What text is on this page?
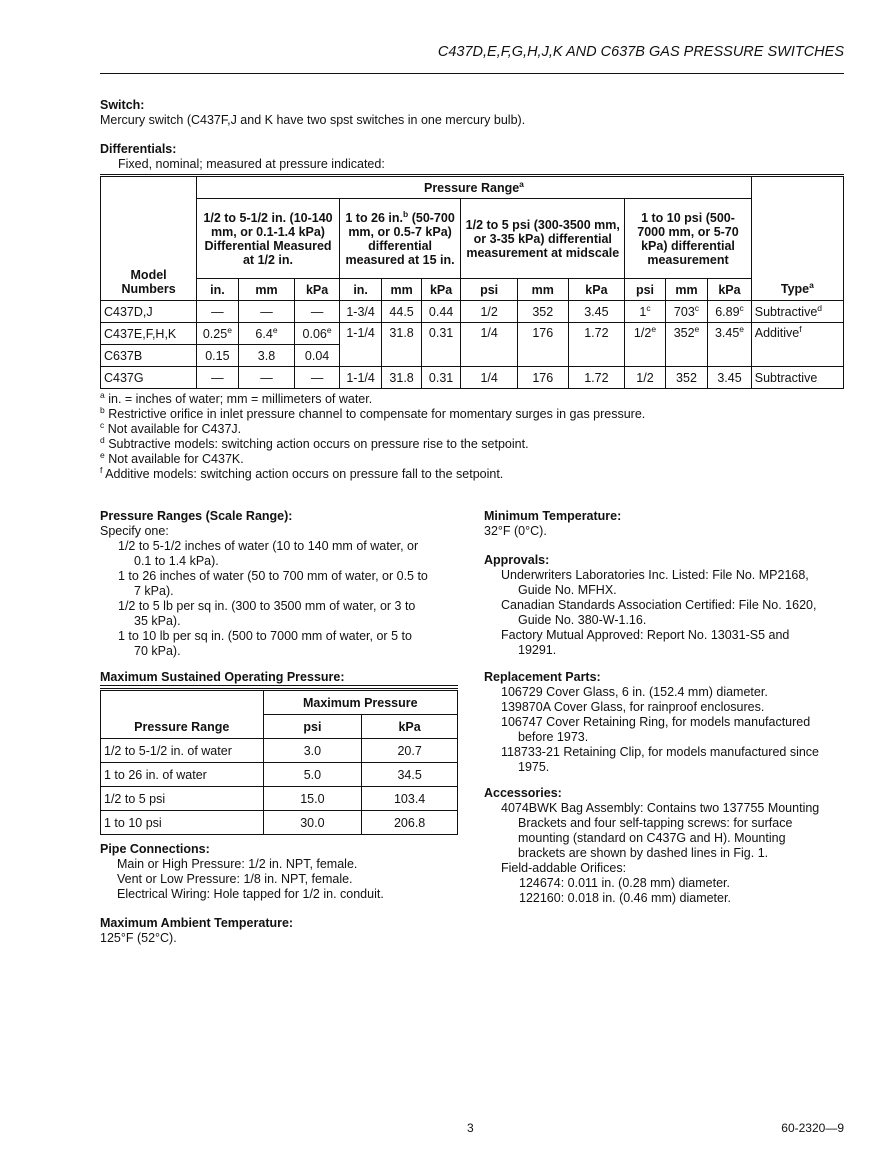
C437D,E,F,G,H,J,K AND C637B GAS PRESSURE SWITCHES
Switch:
Mercury switch (C437F,J and K have two spst switches in one mercury bulb).
Differentials:
Fixed, nominal; measured at pressure indicated:
Model Numbers	Pressure Range$^a$												Type$^a$
	1/2 to 5-1/2 in. (10-140 mm, or 0.1-1.4 kPa) Differential Measured at 1/2 in.			1 to 26 in.$^b$ (50-700 mm, or 0.5-7 kPa) differential measured at 15 in.			1/2 to 5 psi (300-3500 mm, or 3-35 kPa) differential measurement at midscale			1 to 10 psi (500-7000 mm, or 5-70 kPa) differential measurement			
	in.	mm	kPa	in.	mm	kPa	psi	mm	kPa	psi	mm	kPa	
C437D,J	—	—	—	1-3/4	44.5	0.44	1/2	352	3.45	1$^c$	703$^c$	6.89$^c$	Subtractive$^d$
C437E,F,H,K	0.25e	6.4e	0.06e	1-1/4	31.8	0.31	1/4	176	1.72	1/2e	352e	3.45e	Additive$^f$
C637B	0.15	3.8	0.04										
C437G	—	—	—	1-1/4	31.8	0.31	1/4	176	1.72	1/2	352	3.45	Subtractive
$^a$ in. = inches of water; mm = millimeters of water.
$^b$ Restrictive orifice in inlet pressure channel to compensate for momentary surges in gas pressure.
$^c$ Not available for C437J.
$^d$ Subtractive models: switching action occurs on pressure rise to the setpoint.
$^e$ Not available for C437K.
$^f$ Additive models: switching action occurs on pressure fall to the setpoint.
Pressure Ranges (Scale Range):
Specify one:
1/2 to 5-1/2 inches of water (10 to 140 mm of water, or
0.1 to 1.4 kPa).
1 to 26 inches of water (50 to 700 mm of water, or 0.5 to
7 kPa).
1/2 to 5 lb per sq in. (300 to 3500 mm of water, or 3 to
35 kPa).
1 to 10 lb per sq in. (500 to 7000 mm of water, or 5 to
70 kPa).
Maximum Sustained Operating Pressure:
Pressure Range	Maximum Pressure	
	psi	kPa
1/2 to 5-1/2 in. of water	3.0	20.7
1 to 26 in. of water	5.0	34.5
1/2 to 5 psi	15.0	103.4
1 to 10 psi	30.0	206.8
Pipe Connections:
Main or High Pressure: 1/2 in. NPT, female.
Vent or Low Pressure: 1/8 in. NPT, female.
Electrical Wiring: Hole tapped for 1/2 in. conduit.
Maximum Ambient Temperature:
125°F (52°C).
Minimum Temperature:
32°F (0°C).
Approvals:
Underwriters Laboratories Inc. Listed: File No. MP2168,
Guide No. MFHX.
Canadian Standards Association Certified: File No. 1620,
Guide No. 380-W-1.16.
Factory Mutual Approved: Report No. 13031-S5 and
19291.
Replacement Parts:
106729 Cover Glass, 6 in. (152.4 mm) diameter.
139870A Cover Glass, for rainproof enclosures.
106747 Cover Retaining Ring, for models manufactured
before 1973.
118733-21 Retaining Clip, for models manufactured since
1975.
Accessories:
4074BWK Bag Assembly: Contains two 137755 Mounting
Brackets and four self-tapping screws: for surface
mounting (standard on C437G and H). Mounting
brackets are shown by dashed lines in Fig. 1.
Field-addable Orifices:
124674: 0.011 in. (0.28 mm) diameter.
122160: 0.018 in. (0.46 mm) diameter.
3	60-2320—9
